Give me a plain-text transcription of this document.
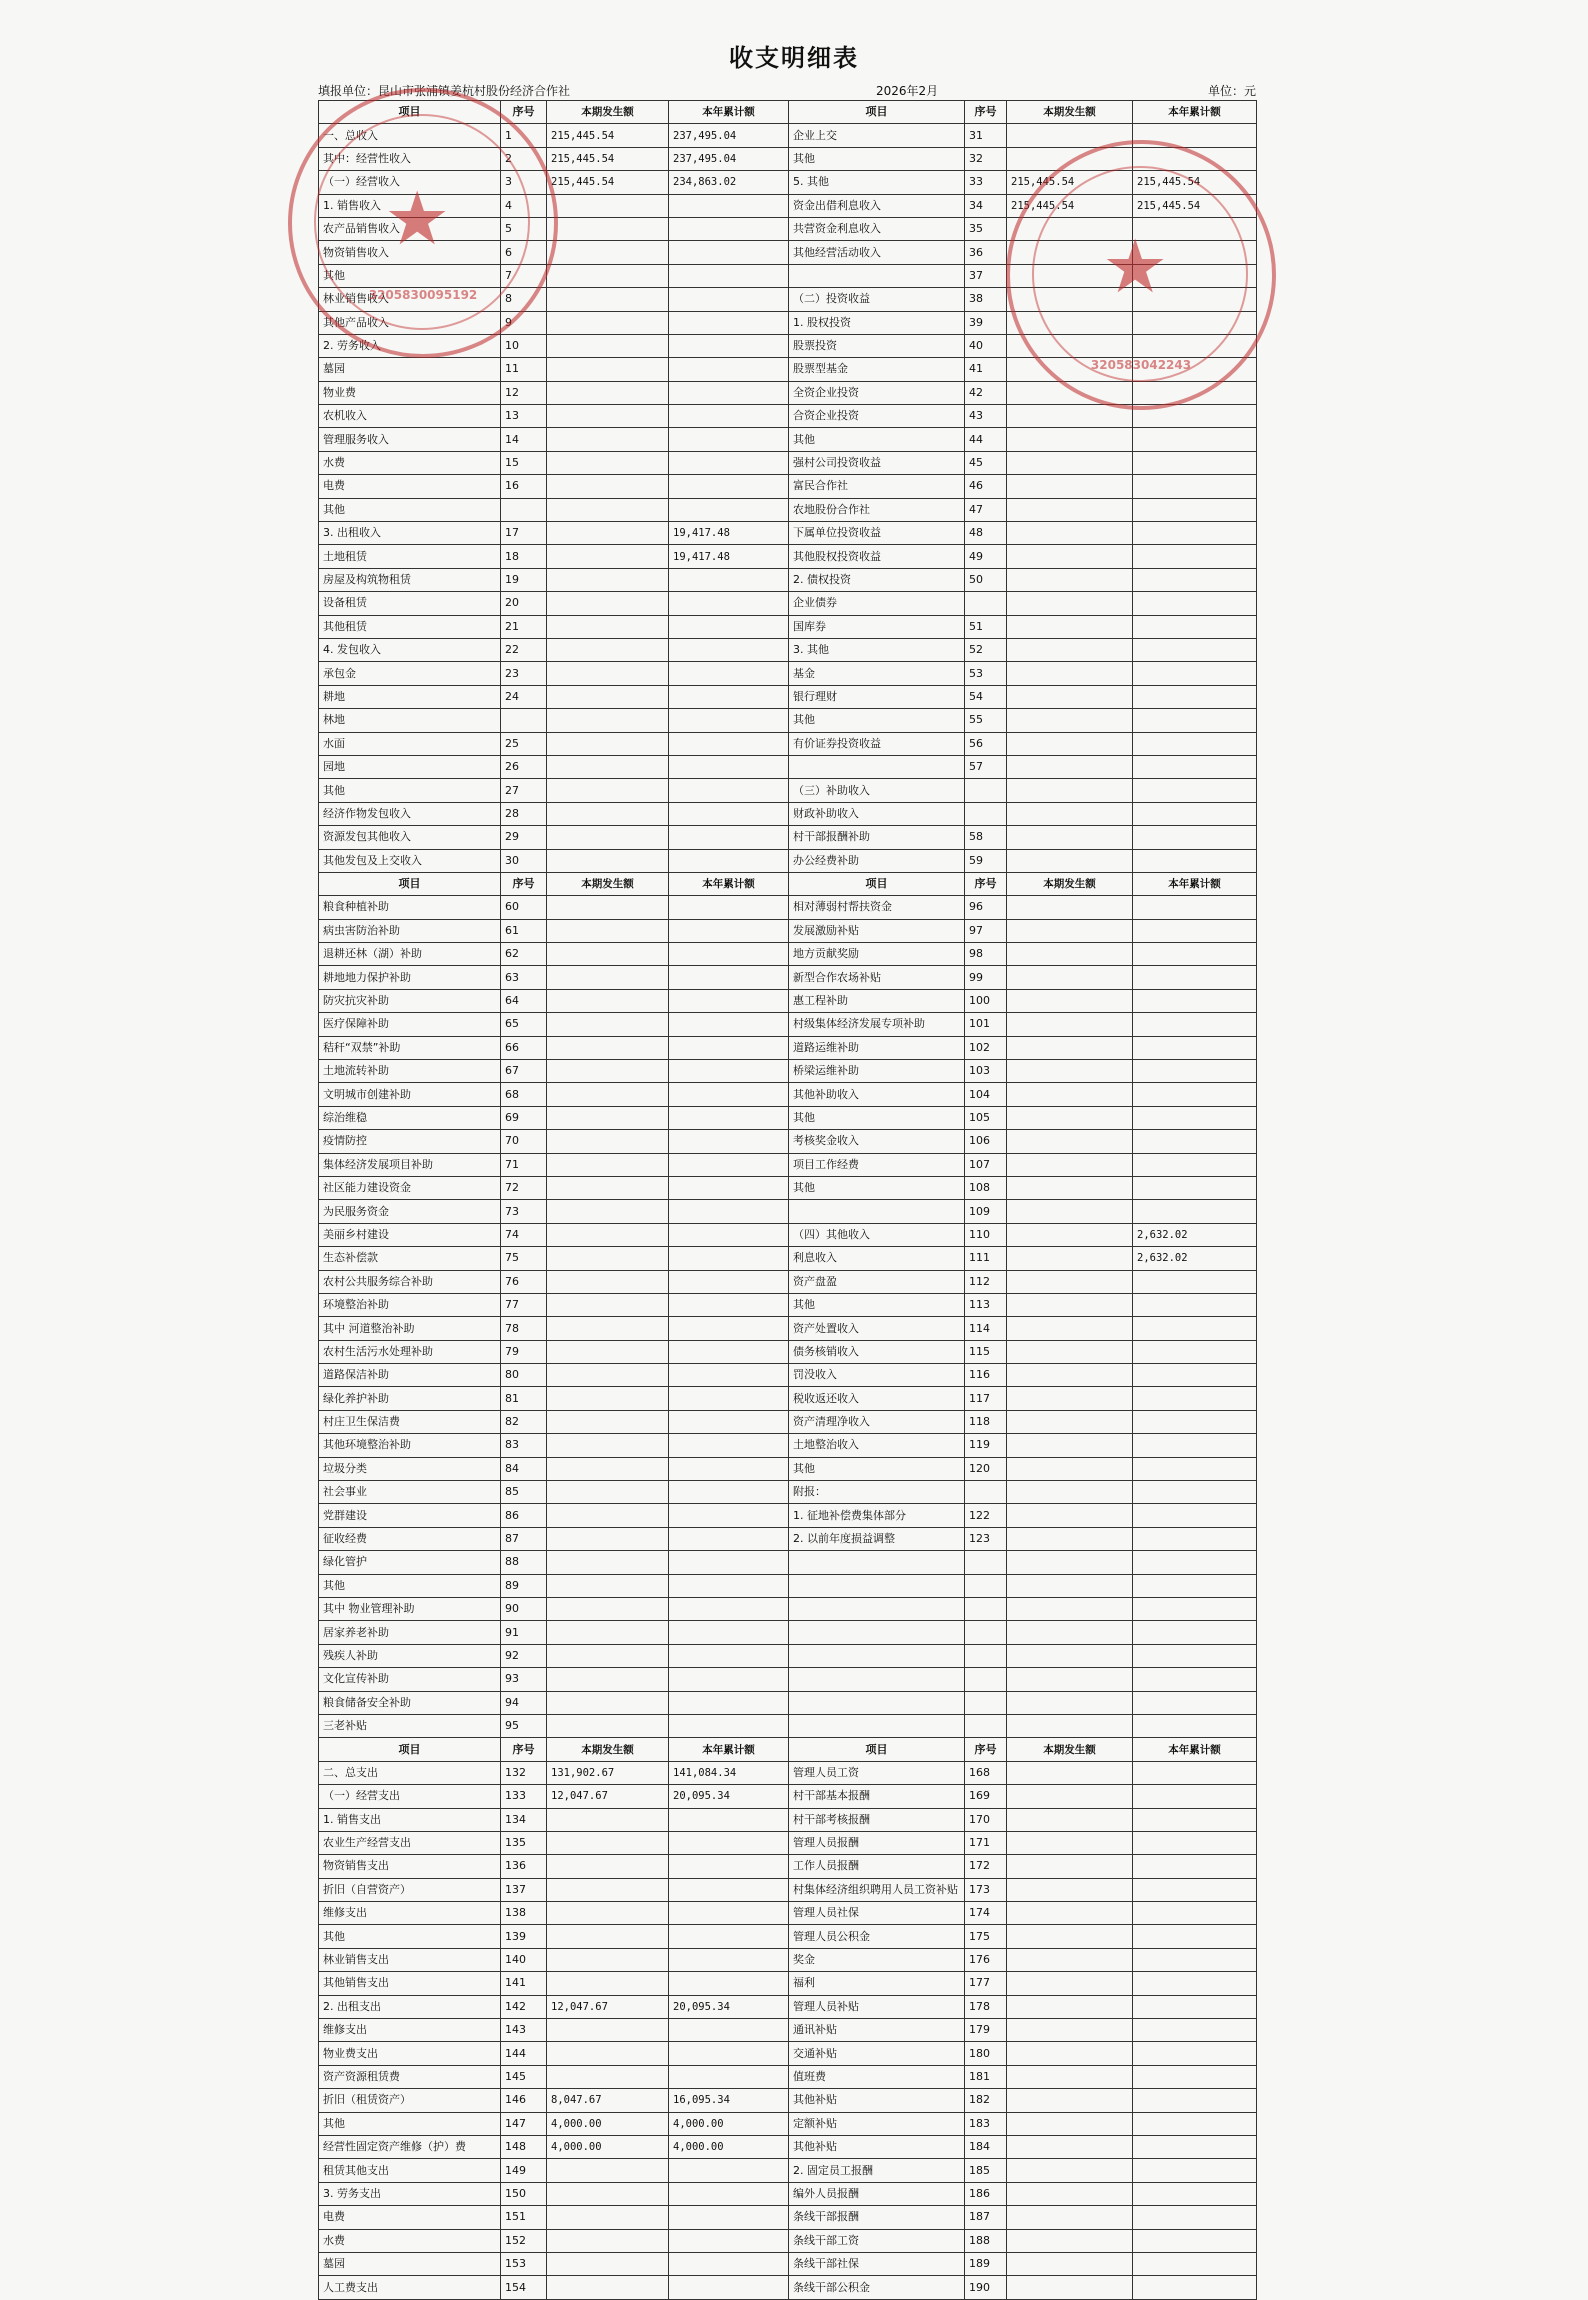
收支明细表
填报单位：昆山市张浦镇姜杭村股份经济合作社	2026年2月	单位：元
项目	序号	本期发生额	本年累计额	项目	序号	本期发生额	本年累计额
一、总收入	1	215,445.54	237,495.04	企业上交	31		
其中：经营性收入	2	215,445.54	237,495.04	其他	32		
（一）经营收入	3	215,445.54	234,863.02	5. 其他	33	215,445.54	215,445.54
1. 销售收入	4			资金出借利息收入	34	215,445.54	215,445.54
农产品销售收入	5			共营资金利息收入	35		
物资销售收入	6			其他经营活动收入	36		
其他	7				37		
林业销售收入	8			（二）投资收益	38		
其他产品收入	9			1. 股权投资	39		
2. 劳务收入	10			股票投资	40		
墓园	11			股票型基金	41		
物业费	12			全资企业投资	42		
农机收入	13			合资企业投资	43		
管理服务收入	14			其他	44		
水费	15			强村公司投资收益	45		
电费	16			富民合作社	46		
其他				农地股份合作社	47		
3. 出租收入	17		19,417.48	下属单位投资收益	48		
土地租赁	18		19,417.48	其他股权投资收益	49		
房屋及构筑物租赁	19			2. 债权投资	50		
设备租赁	20			企业债券			
其他租赁	21			国库券	51		
4. 发包收入	22			3. 其他	52		
承包金	23			基金	53		
耕地	24			银行理财	54		
林地				其他	55		
水面	25			有价证券投资收益	56		
园地	26				57		
其他	27			（三）补助收入			
经济作物发包收入	28			财政补助收入			
资源发包其他收入	29			村干部报酬补助	58		
其他发包及上交收入	30			办公经费补助	59		
项目	序号	本期发生额	本年累计额	项目	序号	本期发生额	本年累计额
粮食种植补助	60			相对薄弱村帮扶资金	96		
病虫害防治补助	61			发展激励补贴	97		
退耕还林（湖）补助	62			地方贡献奖励	98		
耕地地力保护补助	63			新型合作农场补贴	99		
防灾抗灾补助	64			惠工程补助	100		
医疗保障补助	65			村级集体经济发展专项补助	101		
秸秆“双禁”补助	66			道路运维补助	102		
土地流转补助	67			桥梁运维补助	103		
文明城市创建补助	68			其他补助收入	104		
综治维稳	69			其他	105		
疫情防控	70			考核奖金收入	106		
集体经济发展项目补助	71			项目工作经费	107		
社区能力建设资金	72			其他	108		
为民服务资金	73				109		
美丽乡村建设	74			（四）其他收入	110		2,632.02
生态补偿款	75			利息收入	111		2,632.02
农村公共服务综合补助	76			资产盘盈	112		
环境整治补助	77			其他	113		
其中 河道整治补助	78			资产处置收入	114		
农村生活污水处理补助	79			债务核销收入	115		
道路保洁补助	80			罚没收入	116		
绿化养护补助	81			税收返还收入	117		
村庄卫生保洁费	82			资产清理净收入	118		
其他环境整治补助	83			土地整治收入	119		
垃圾分类	84			其他	120		
社会事业	85			附报：			
党群建设	86			1. 征地补偿费集体部分	122		
征收经费	87			2. 以前年度损益调整	123		
绿化管护	88						
其他	89						
其中 物业管理补助	90						
居家养老补助	91						
残疾人补助	92						
文化宣传补助	93						
粮食储备安全补助	94						
三老补贴	95						
项目	序号	本期发生额	本年累计额	项目	序号	本期发生额	本年累计额
二、总支出	132	131,902.67	141,084.34	管理人员工资	168		
（一）经营支出	133	12,047.67	20,095.34	村干部基本报酬	169		
1. 销售支出	134			村干部考核报酬	170		
农业生产经营支出	135			管理人员报酬	171		
物资销售支出	136			工作人员报酬	172		
折旧（自营资产）	137			村集体经济组织聘用人员工资补贴	173		
维修支出	138			管理人员社保	174		
其他	139			管理人员公积金	175		
林业销售支出	140			奖金	176		
其他销售支出	141			福利	177		
2. 出租支出	142	12,047.67	20,095.34	管理人员补贴	178		
维修支出	143			通讯补贴	179		
物业费支出	144			交通补贴	180		
资产资源租赁费	145			值班费	181		
折旧（租赁资产）	146	8,047.67	16,095.34	其他补贴	182		
其他	147	4,000.00	4,000.00	定额补贴	183		
经营性固定资产维修（护）费	148	4,000.00	4,000.00	其他补贴	184		
租赁其他支出	149			2. 固定员工报酬	185		
3. 劳务支出	150			编外人员报酬	186		
电费	151			条线干部报酬	187		
水费	152			条线干部工资	188		
墓园	153			条线干部社保	189		
人工费支出	154			条线干部公积金	190		
★
3205830095192	★
320583042243
